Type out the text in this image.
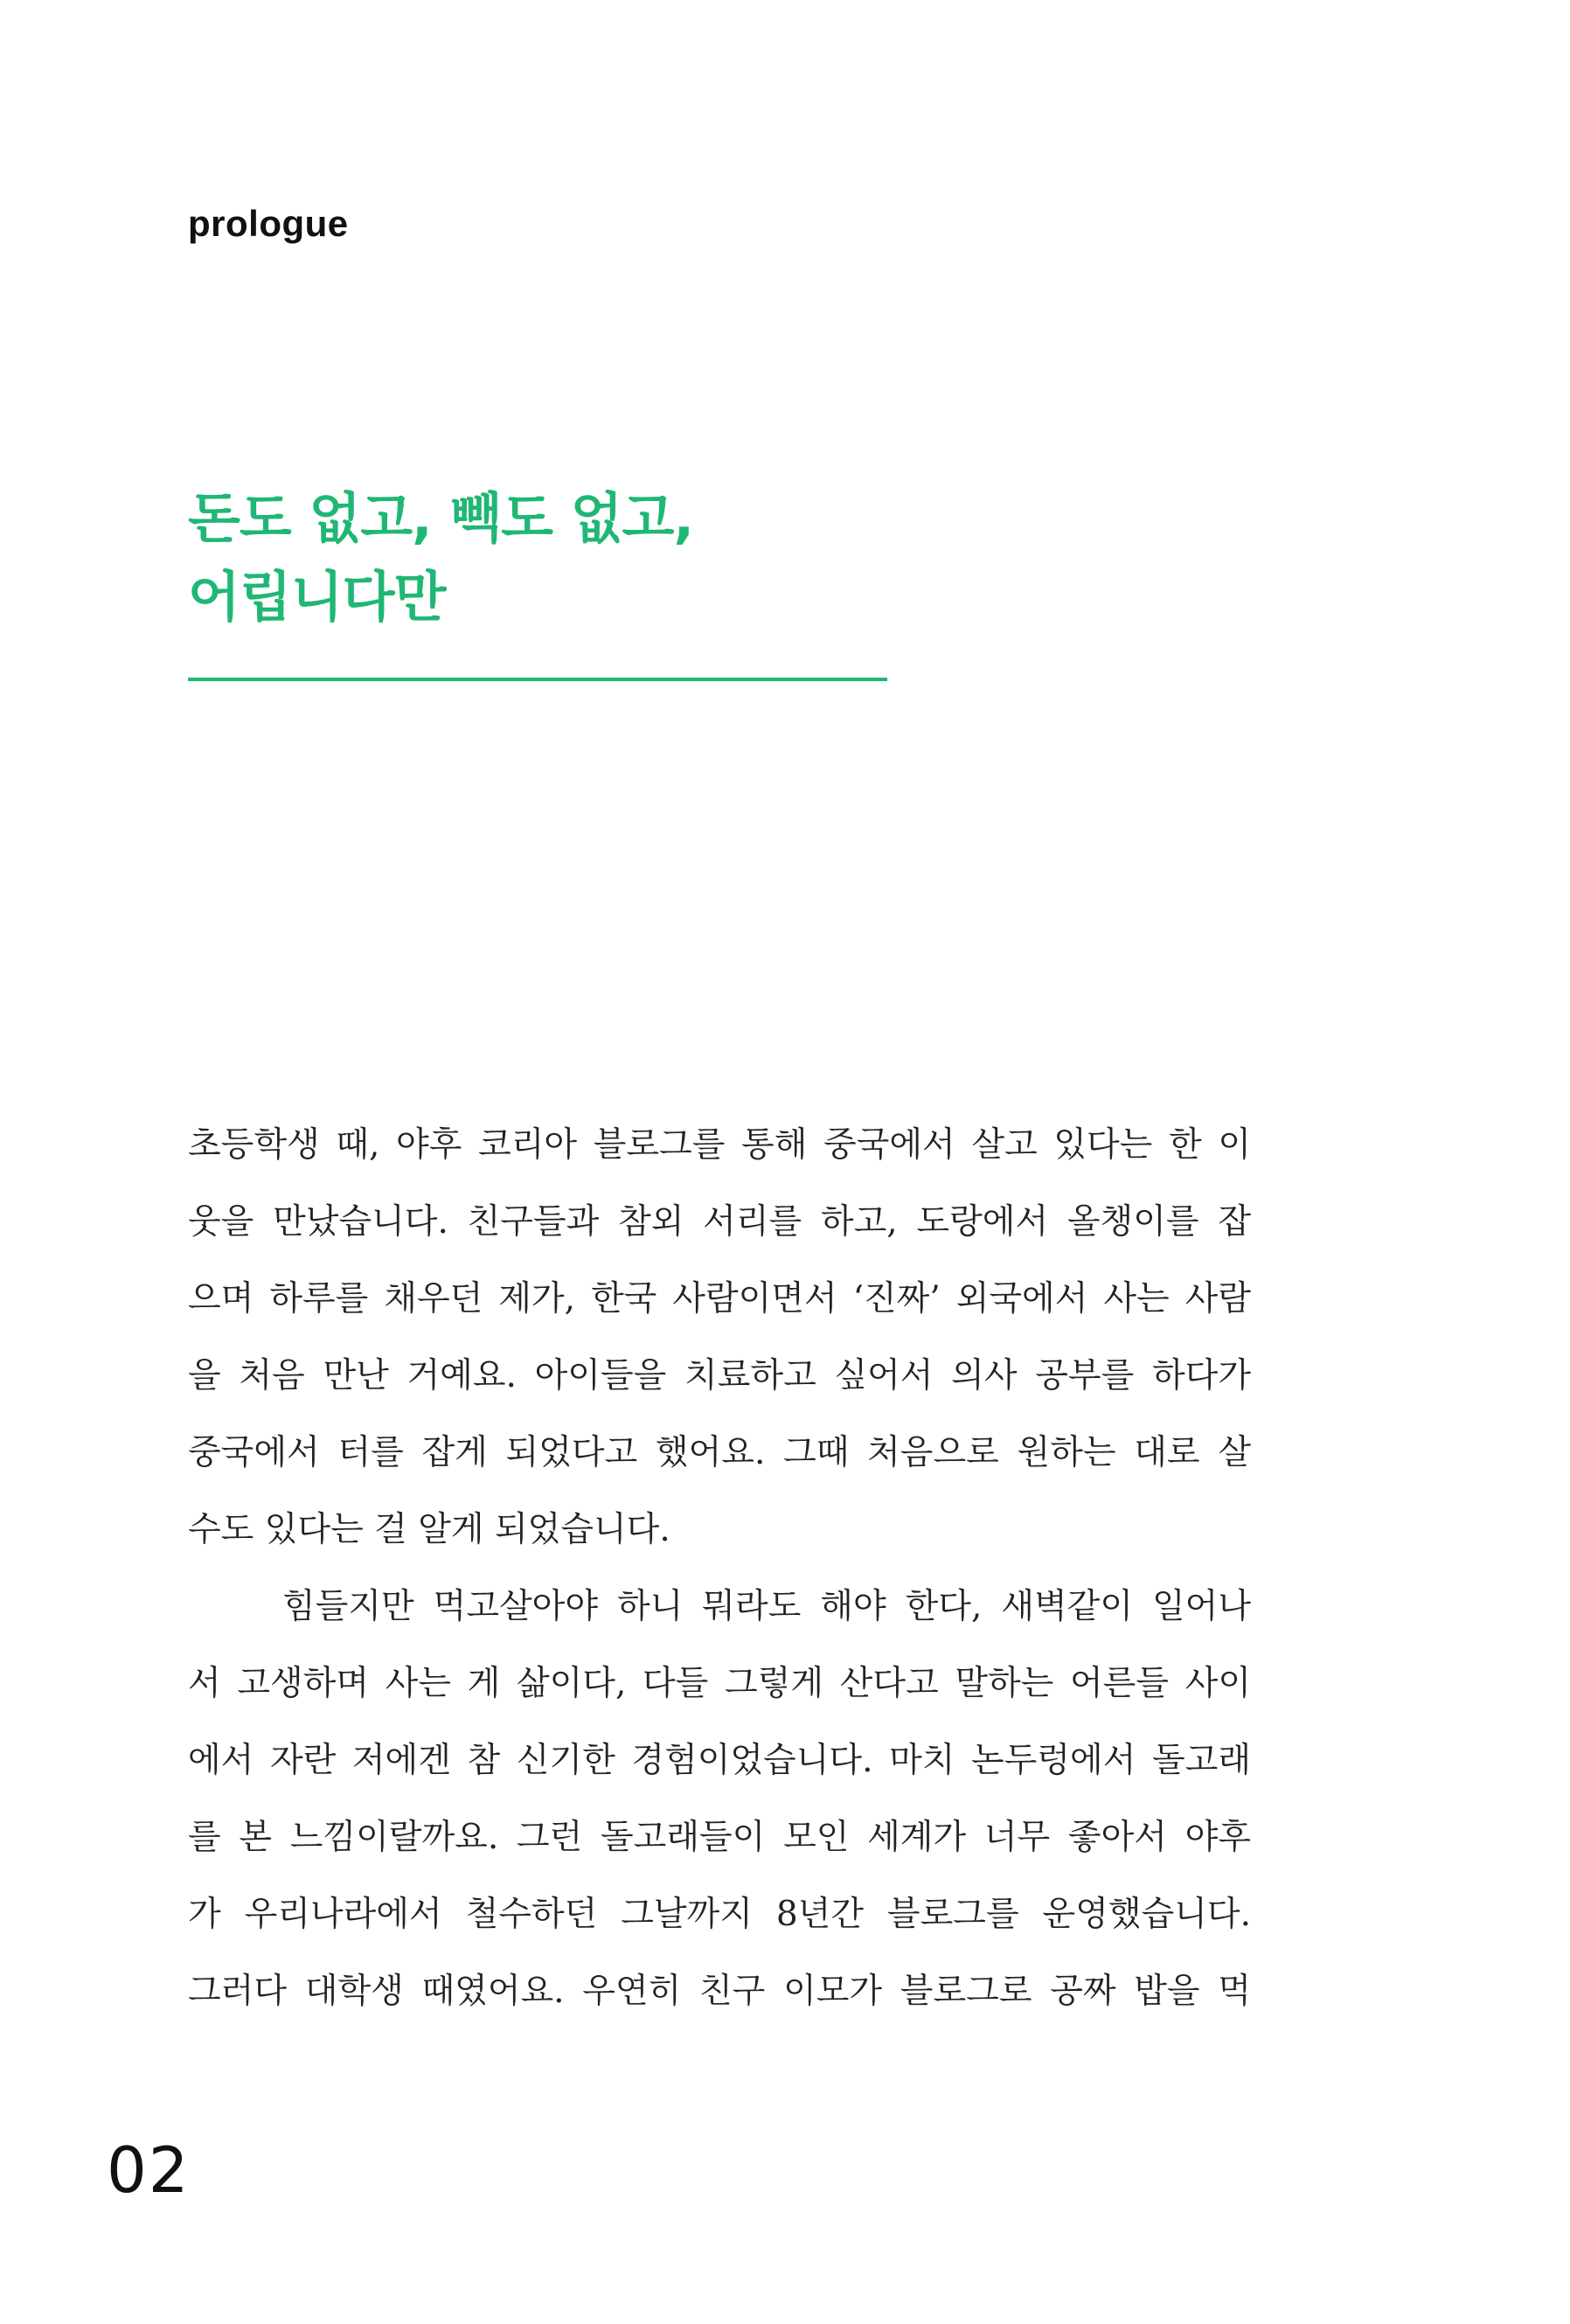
prologue

돈도 없고, 빽도 없고,
어립니다만
초등학생 때, 야후 코리아 블로그를 통해 중국에서 살고 있다는 한 이
웃을 만났습니다. 친구들과 참외 서리를 하고, 도랑에서 올챙이를 잡
으며 하루를 채우던 제가, 한국 사람이면서 ‘진짜’ 외국에서 사는 사람
을 처음 만난 거예요. 아이들을 치료하고 싶어서 의사 공부를 하다가
중국에서 터를 잡게 되었다고 했어요. 그때 처음으로 원하는 대로 살
수도 있다는 걸 알게 되었습니다.
힘들지만 먹고살아야 하니 뭐라도 해야 한다, 새벽같이 일어나
서 고생하며 사는 게 삶이다, 다들 그렇게 산다고 말하는 어른들 사이
에서 자란 저에겐 참 신기한 경험이었습니다. 마치 논두렁에서 돌고래
를 본 느낌이랄까요. 그런 돌고래들이 모인 세계가 너무 좋아서 야후
가 우리나라에서 철수하던 그날까지 8년간 블로그를 운영했습니다.
그러다 대학생 때였어요. 우연히 친구 이모가 블로그로 공짜 밥을 먹

02
